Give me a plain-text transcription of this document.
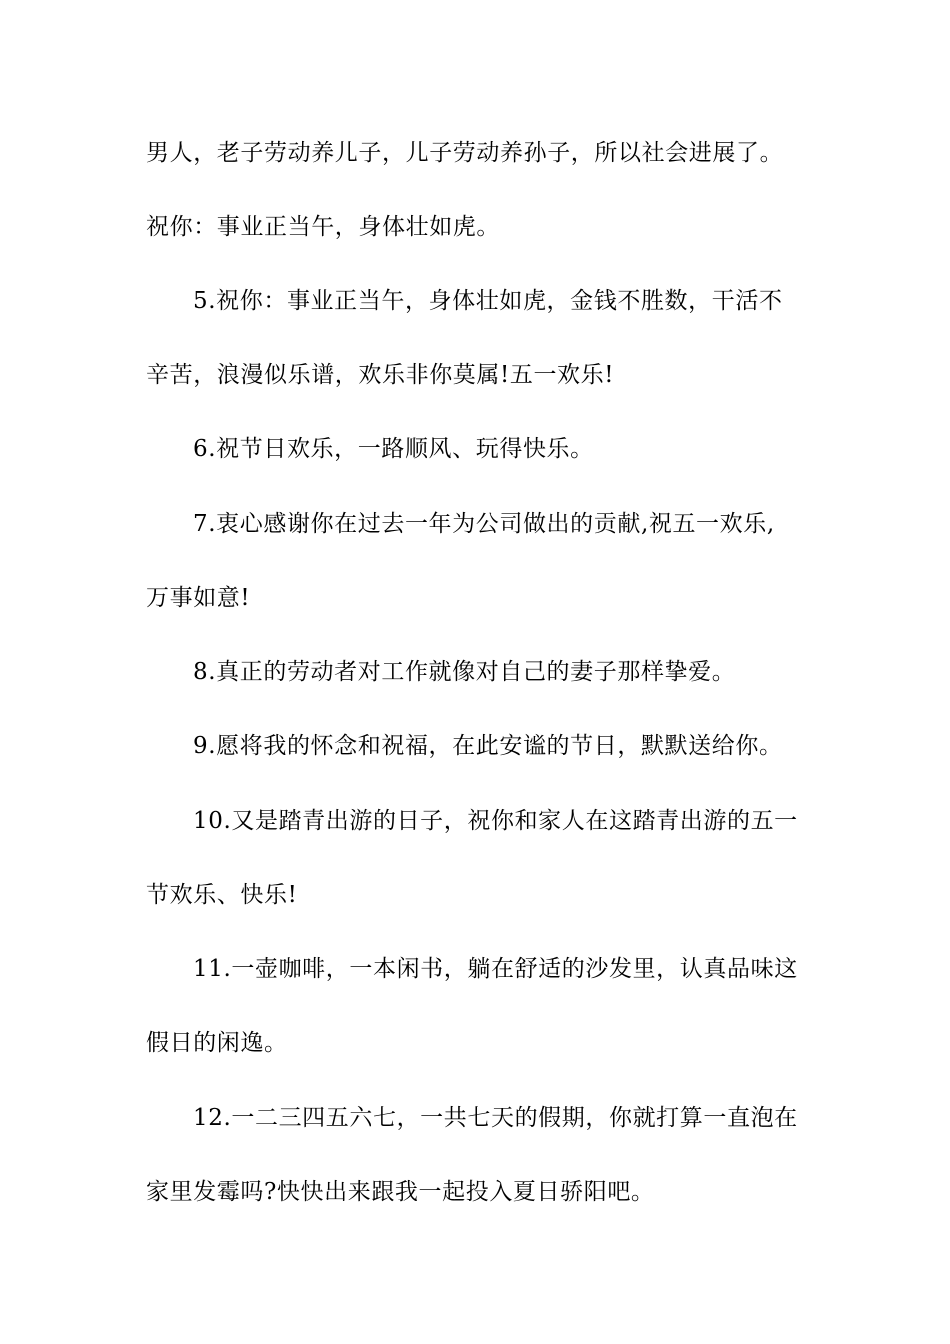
男人，老子劳动养儿子，儿子劳动养孙子，所以社会进展了。
祝你：事业正当午，身体壮如虎。
5.祝你：事业正当午，身体壮如虎，金钱不胜数，干活不
辛苦，浪漫似乐谱，欢乐非你莫属!五一欢乐!
6.祝节日欢乐，一路顺风、玩得快乐。
7.衷心感谢你在过去一年为公司做出的贡献,祝五一欢乐,
万事如意!
8.真正的劳动者对工作就像对自己的妻子那样挚爱。
9.愿将我的怀念和祝福，在此安谧的节日，默默送给你。
10.又是踏青出游的日子，祝你和家人在这踏青出游的五一
节欢乐、快乐!
11.一壶咖啡，一本闲书，躺在舒适的沙发里，认真品味这
假日的闲逸。
12.一二三四五六七，一共七天的假期，你就打算一直泡在
家里发霉吗?快快出来跟我一起投入夏日骄阳吧。
